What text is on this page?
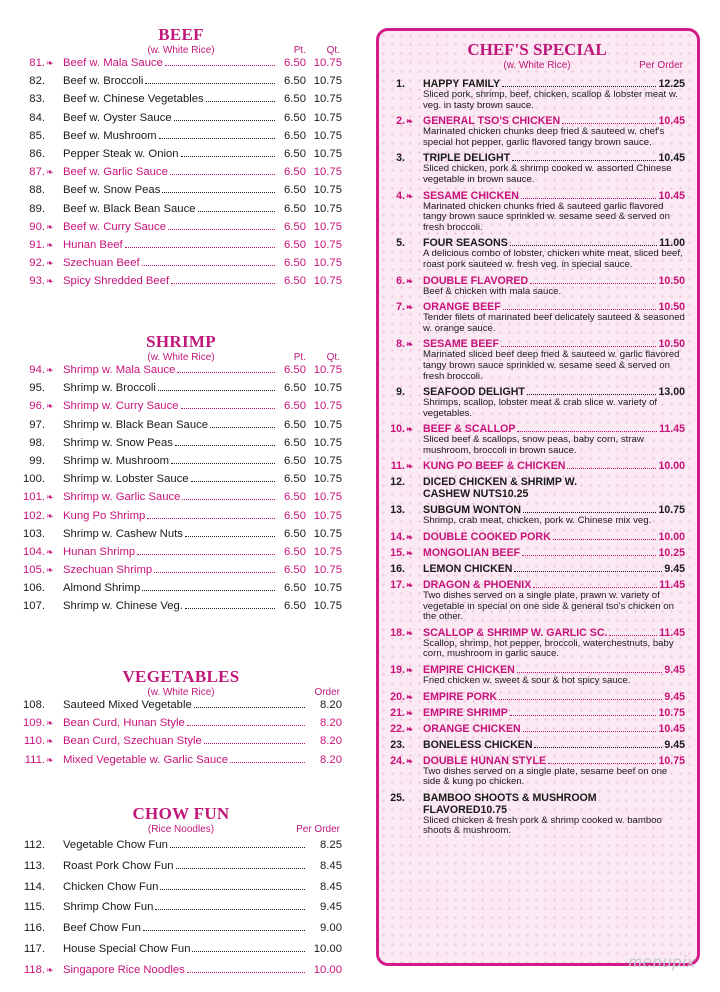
BEEF
(w. White Rice)	Pt. Qt.
81. ❧ Beef w. Mala Sauce	6.50 10.75
82. Beef w. Broccoli	6.50 10.75
83. Beef w. Chinese Vegetables	6.50 10.75
84. Beef w. Oyster Sauce	6.50 10.75
85. Beef w. Mushroom	6.50 10.75
86. Pepper Steak w. Onion	6.50 10.75
87. ❧ Beef w. Garlic Sauce	6.50 10.75
88. Beef w. Snow Peas	6.50 10.75
89. Beef w. Black Bean Sauce	6.50 10.75
90. ❧ Beef w. Curry Sauce	6.50 10.75
91. ❧ Hunan Beef	6.50 10.75
92. ❧ Szechuan Beef	6.50 10.75
93. ❧ Spicy Shredded Beef	6.50 10.75
SHRIMP
(w. White Rice)	Pt. Qt.
94. ❧ Shrimp w. Mala Sauce	6.50 10.75
95. Shrimp w. Broccoli	6.50 10.75
96. ❧ Shrimp w. Curry Sauce	6.50 10.75
97. Shrimp w. Black Bean Sauce	6.50 10.75
98. Shrimp w. Snow Peas	6.50 10.75
99. Shrimp w. Mushroom	6.50 10.75
100. Shrimp w. Lobster Sauce	6.50 10.75
101. ❧ Shrimp w. Garlic Sauce	6.50 10.75
102. ❧ Kung Po Shrimp	6.50 10.75
103. Shrimp w. Cashew Nuts	6.50 10.75
104. ❧ Hunan Shrimp	6.50 10.75
105. ❧ Szechuan Shrimp	6.50 10.75
106. Almond Shrimp	6.50 10.75
107. Shrimp w. Chinese Veg.	6.50 10.75
VEGETABLES
(w. White Rice)	Order
108. Sauteed Mixed Vegetable	8.20
109. ❧ Bean Curd, Hunan Style	8.20
110. ❧ Bean Curd, Szechuan Style	8.20
111. ❧ Mixed Vegetable w. Garlic Sauce	8.20
CHOW FUN
(Rice Noodles)	Per Order
112. Vegetable Chow Fun	8.25
113. Roast Pork Chow Fun	8.45
114. Chicken Chow Fun	8.45
115. Shrimp Chow Fun	9.45
116. Beef Chow Fun	9.00
117. House Special Chow Fun	10.00
118. ❧ Singapore Rice Noodles	10.00
CHEF'S SPECIAL
(w. White Rice)	Per Order
1. HAPPY FAMILY	12.25
Sliced pork, shrimp, beef, chicken, scallop & lobster meat w. veg. in tasty brown sauce.
2. ❧ GENERAL TSO'S CHICKEN	10.45
Marinated chicken chunks deep fried & sauteed w. chef's special hot pepper, garlic flavored tangy brown sauce.
3. TRIPLE DELIGHT	10.45
Sliced chicken, pork & shrimp cooked w. assorted Chinese vegetable in brown sauce.
4. ❧ SESAME CHICKEN	10.45
Marinated chicken chunks fried & sauteed garlic flavored tangy brown sauce sprinkled w. sesame seed & served on fresh broccoli.
5. FOUR SEASONS	11.00
A delicious combo of lobster, chicken white meat, sliced beef, roast pork sauteed w. fresh veg. in special sauce.
6. ❧ DOUBLE FLAVORED	10.50
Beef & chicken with mala sauce.
7. ❧ ORANGE BEEF	10.50
Tender filets of marinated beef delicately sauteed & seasoned w. orange sauce.
8. ❧ SESAME BEEF	10.50
Marinated sliced beef deep fried & sauteed w. garlic flavored tangy brown sauce sprinkled w. sesame seed & served on fresh broccoli.
9. SEAFOOD DELIGHT	13.00
Shrimps, scallop, lobster meat & crab slice w. variety of vegetables.
10. ❧ BEEF & SCALLOP	11.45
Sliced beef & scallops, snow peas, baby corn, straw mushroom, broccoli in brown sauce.
11. ❧ KUNG PO BEEF & CHICKEN	10.00
12. DICED CHICKEN & SHRIMP W.
CASHEW NUTS 10.25
13. SUBGUM WONTON	10.75
Shrimp, crab meat, chicken, pork w. Chinese mix veg.
14. ❧ DOUBLE COOKED PORK	10.00
15. ❧ MONGOLIAN BEEF	10.25
16. LEMON CHICKEN	9.45
17. ❧ DRAGON & PHOENIX	11.45
Two dishes served on a single plate, prawn w. variety of vegetable in special on one side & general tso's chicken on the other.
18. ❧ SCALLOP & SHRIMP W. GARLIC SC.	11.45
Scallop, shrimp, hot pepper, broccoli, waterchestnuts, baby corn, mushroom in garlic sauce.
19. ❧ EMPIRE CHICKEN	9.45
Fried chicken w. sweet & sour & hot spicy sauce.
20. ❧ EMPIRE PORK	9.45
21. ❧ EMPIRE SHRIMP	10.75
22. ❧ ORANGE CHICKEN	10.45
23. BONELESS CHICKEN	9.45
24. ❧ DOUBLE HUNAN STYLE	10.75
Two dishes served on a single plate, sesame beef on one side & kung po chicken.
25. BAMBOO SHOOTS & MUSHROOM
FLAVORED 10.75
Sliced chicken & fresh pork & shrimp cooked w. bamboo shoots & mushroom.
menupix
